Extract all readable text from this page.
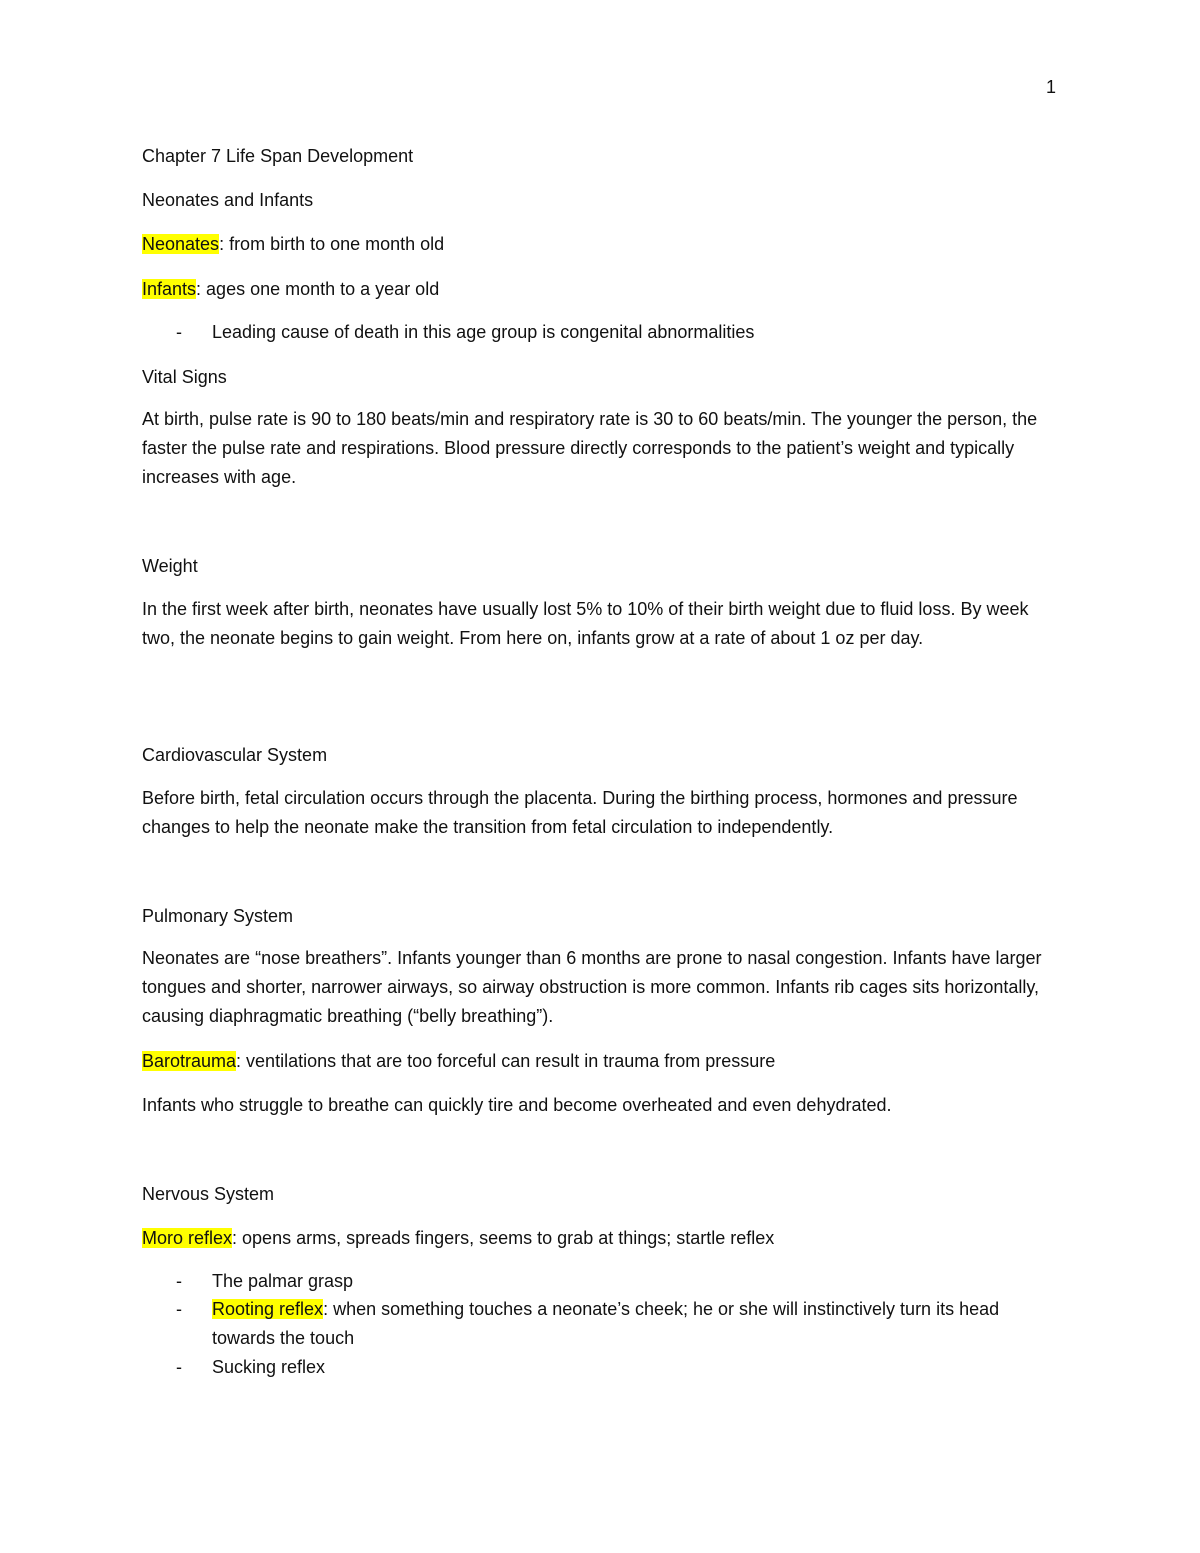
1

Chapter 7 Life Span Development

Neonates and Infants

Neonates: from birth to one month old

Infants: ages one month to a year old

- Leading cause of death in this age group is congenital abnormalities

Vital Signs

At birth, pulse rate is 90 to 180 beats/min and respiratory rate is 30 to 60 beats/min. The younger the person, the faster the pulse rate and respirations. Blood pressure directly corresponds to the patient’s weight and typically increases with age.

Weight

In the first week after birth, neonates have usually lost 5% to 10% of their birth weight due to fluid loss. By week two, the neonate begins to gain weight. From here on, infants grow at a rate of about 1 oz per day.

Cardiovascular System

Before birth, fetal circulation occurs through the placenta. During the birthing process, hormones and pressure changes to help the neonate make the transition from fetal circulation to independently.

Pulmonary System

Neonates are “nose breathers”. Infants younger than 6 months are prone to nasal congestion. Infants have larger tongues and shorter, narrower airways, so airway obstruction is more common. Infants rib cages sits horizontally, causing diaphragmatic breathing (“belly breathing”).

Barotrauma: ventilations that are too forceful can result in trauma from pressure

Infants who struggle to breathe can quickly tire and become overheated and even dehydrated.

Nervous System

Moro reflex: opens arms, spreads fingers, seems to grab at things; startle reflex

- The palmar grasp

- Rooting reflex: when something touches a neonate’s cheek; he or she will instinctively turn its head towards the touch

- Sucking reflex
